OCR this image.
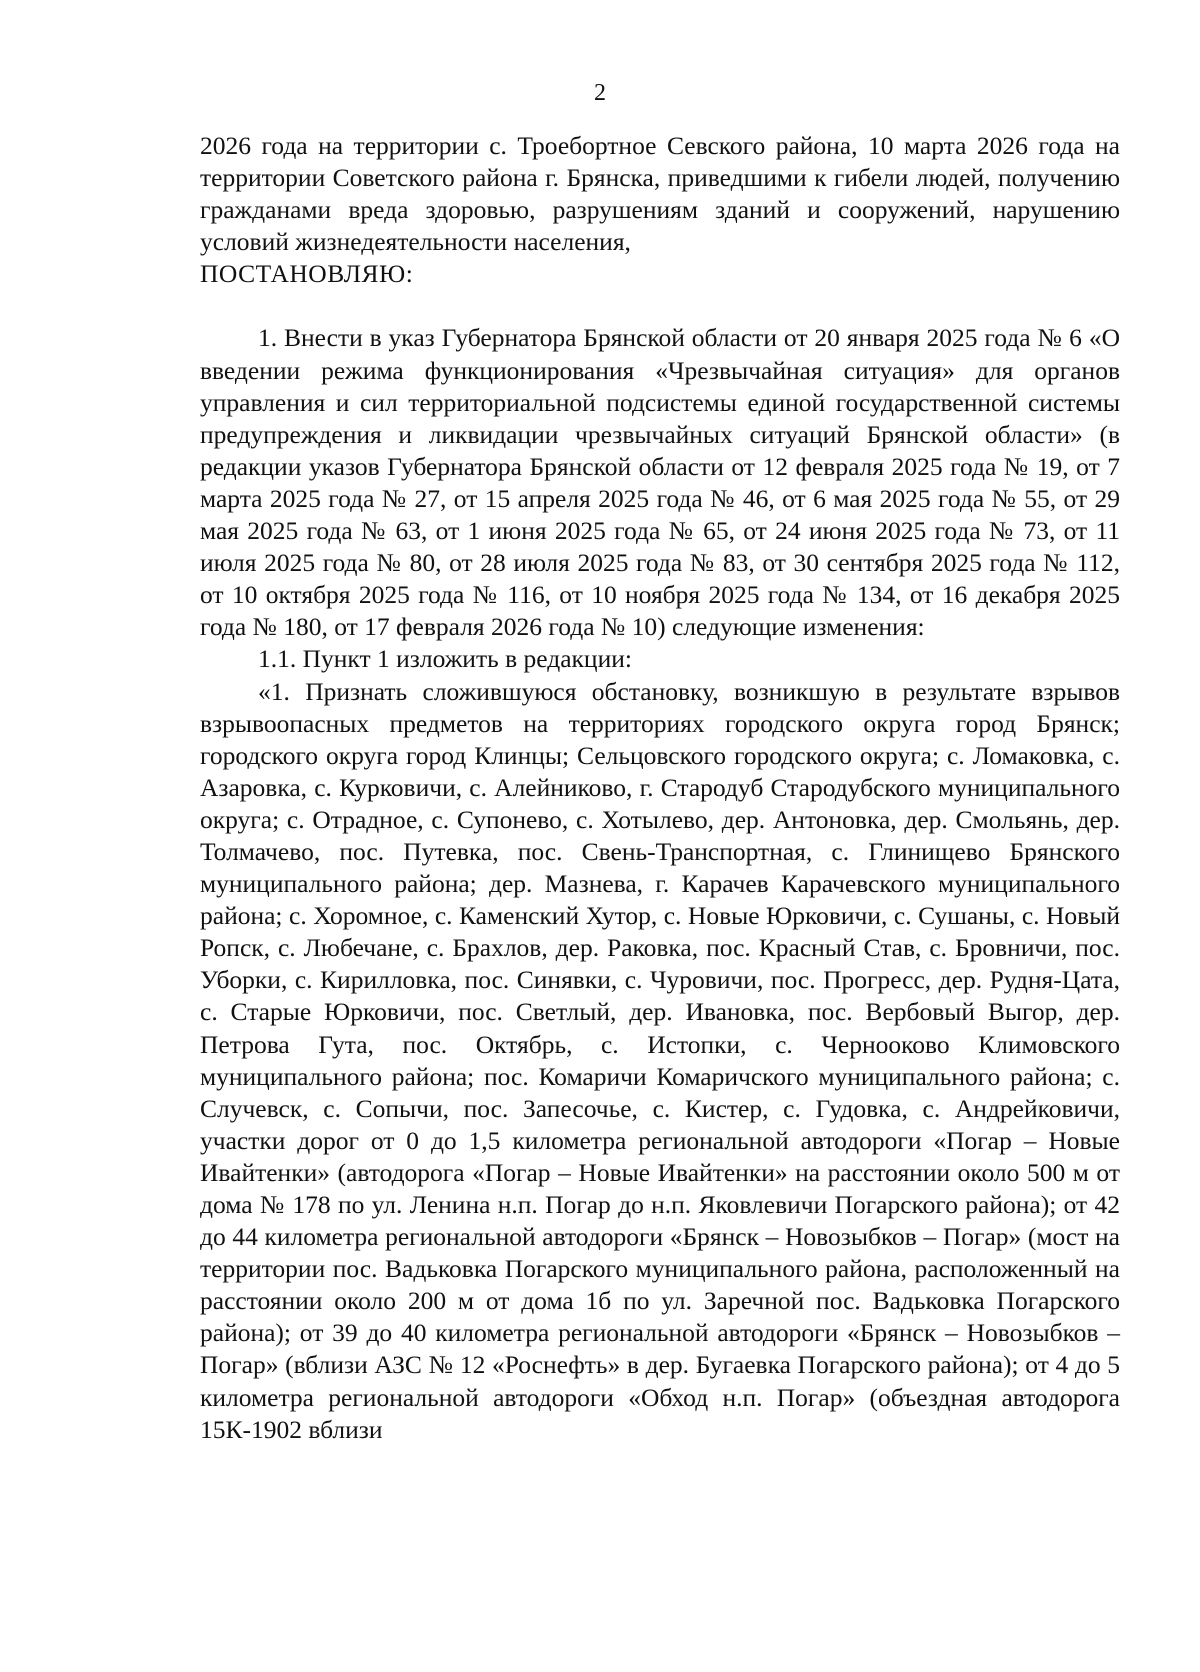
2

2026 года на территории с. Троебортное Севского района, 10 марта 2026 года на территории Советского района г. Брянска, приведшими к гибели людей, получению гражданами вреда здоровью, разрушениям зданий и сооружений, нарушению условий жизнедеятельности населения,

ПОСТАНОВЛЯЮ:

1. Внести в указ Губернатора Брянской области от 20 января 2025 года № 6 «О введении режима функционирования «Чрезвычайная ситуация» для органов управления и сил территориальной подсистемы единой государственной системы предупреждения и ликвидации чрезвычайных ситуаций Брянской области» (в редакции указов Губернатора Брянской области от 12 февраля 2025 года № 19, от 7 марта 2025 года № 27, от 15 апреля 2025 года № 46, от 6 мая 2025 года № 55, от 29 мая 2025 года № 63, от 1 июня 2025 года № 65, от 24 июня 2025 года № 73, от 11 июля 2025 года № 80, от 28 июля 2025 года № 83, от 30 сентября 2025 года № 112, от 10 октября 2025 года № 116, от 10 ноября 2025 года № 134, от 16 декабря 2025 года № 180, от 17 февраля 2026 года № 10) следующие изменения:

1.1. Пункт 1 изложить в редакции:

«1. Признать сложившуюся обстановку, возникшую в результате взрывов взрывоопасных предметов на территориях городского округа город Брянск; городского округа город Клинцы; Сельцовского городского округа; с. Ломаковка, с. Азаровка, с. Курковичи, с. Алейниково, г. Стародуб Стародубского муниципального округа; с. Отрадное, с. Супонево, с. Хотылево, дер. Антоновка, дер. Смольянь, дер. Толмачево, пос. Путевка, пос. Свень-Транспортная, с. Глинищево Брянского муниципального района; дер. Мазнева, г. Карачев Карачевского муниципального района; с. Хоромное, с. Каменский Хутор, с. Новые Юрковичи, с. Сушаны, с. Новый Ропск, с. Любечане, с. Брахлов, дер. Раковка, пос. Красный Став, с. Бровничи, пос. Уборки, с. Кирилловка, пос. Синявки, с. Чуровичи, пос. Прогресс, дер. Рудня-Цата, с. Старые Юрковичи, пос. Светлый, дер. Ивановка, пос. Вербовый Выгор, дер. Петрова Гута, пос. Октябрь, с. Истопки, с. Чернооково Климовского муниципального района; пос. Комаричи Комаричского муниципального района; с. Случевск, с. Сопычи, пос. Запесочье, с. Кистер, с. Гудовка, с. Андрейковичи, участки дорог от 0 до 1,5 километра региональной автодороги «Погар – Новые Ивайтенки» (автодорога «Погар – Новые Ивайтенки» на расстоянии около 500 м от дома № 178 по ул. Ленина н.п. Погар до н.п. Яковлевичи Погарского района); от 42 до 44 километра региональной автодороги «Брянск – Новозыбков – Погар» (мост на территории пос. Вадьковка Погарского муниципального района, расположенный на расстоянии около 200 м от дома 1б по ул. Заречной пос. Вадьковка Погарского района); от 39 до 40 километра региональной автодороги «Брянск – Новозыбков – Погар» (вблизи АЗС № 12 «Роснефть» в дер. Бугаевка Погарского района); от 4 до 5 километра региональной автодороги «Обход н.п. Погар» (объездная автодорога 15К-1902 вблизи
